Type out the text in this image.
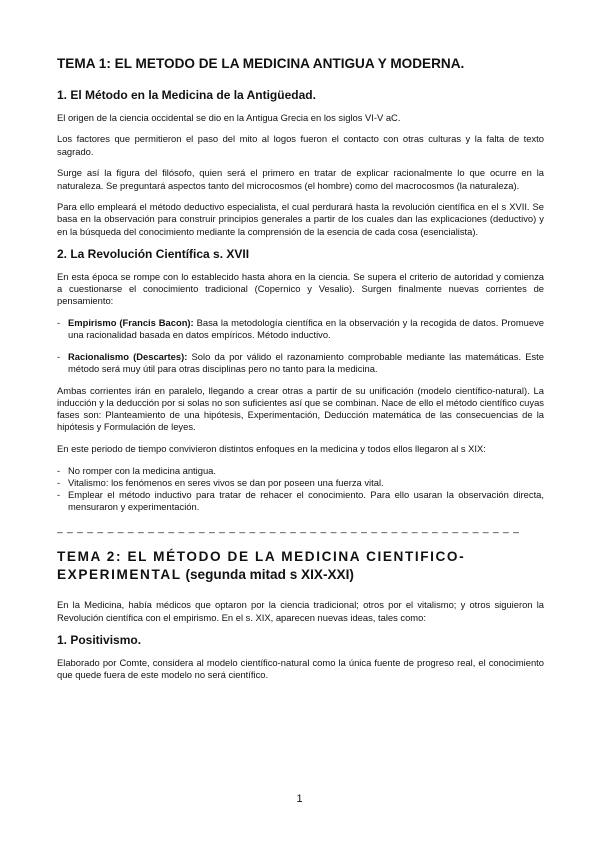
TEMA 1: EL METODO DE LA MEDICINA ANTIGUA Y MODERNA.
1. El Método en la Medicina de la Antigüedad.

El origen de la ciencia occidental se dio en la Antigua Grecia en los siglos VI-V aC.

Los factores que permitieron el paso del mito al logos fueron el contacto con otras culturas y la falta de texto sagrado.

Surge así la figura del filósofo, quien será el primero en tratar de explicar racionalmente lo que ocurre en la naturaleza. Se preguntará aspectos tanto del microcosmos (el hombre) como del macrocosmos (la naturaleza).

Para ello empleará el método deductivo especialista, el cual perdurará hasta la revolución científica en el s XVII. Se basa en la observación para construir principios generales a partir de los cuales dan las explicaciones (deductivo) y en la búsqueda del conocimiento mediante la comprensión de la esencia de cada cosa (esencialista).

2. La Revolución Científica s. XVII

En esta época se rompe con lo establecido hasta ahora en la ciencia. Se supera el criterio de autoridad y comienza a cuestionarse el conocimiento tradicional (Copernico y Vesalio). Surgen finalmente nuevas corrientes de pensamiento:

- Empirismo (Francis Bacon): Basa la metodología científica en la observación y la recogida de datos. Promueve una racionalidad basada en datos empíricos. Método inductivo.
- Racionalismo (Descartes): Solo da por válido el razonamiento comprobable mediante las matemáticas. Este método será muy útil para otras disciplinas pero no tanto para la medicina.

Ambas corrientes irán en paralelo, llegando a crear otras a partir de su unificación (modelo científico-natural). La inducción y la deducción por si solas no son suficientes así que se combinan. Nace de ello el método científico cuyas fases son: Planteamiento de una hipótesis, Experimentación, Deducción matemática de las consecuencias de la hipótesis y Formulación de leyes.

En este periodo de tiempo convivieron distintos enfoques en la medicina y todos ellos llegaron al s XIX:

- No romper con la medicina antigua.
- Vitalismo: los fenómenos en seres vivos se dan por poseen una fuerza vital.
- Emplear el método inductivo para tratar de rehacer el conocimiento. Para ello usaran la observación directa, mensuraron y experimentación.
_ _ _ _ _ _ _ _ _ _ _ _ _ _ _ _ _ _ _ _ _ _ _ _ _ _ _ _ _ _ _ _ _ _ _ _ _ _ _ _ _ _ _ _ _ _
TEMA 2: EL MÉTODO DE LA MEDICINA CIENTIFICO-EXPERIMENTAL (segunda mitad s XIX-XXI)

En la Medicina, había médicos que optaron por la ciencia tradicional; otros por el vitalismo; y otros siguieron la Revolución científica con el empirismo. En el s. XIX, aparecen nuevas ideas, tales como:

1. Positivismo.

Elaborado por Comte, considera al modelo científico-natural como la única fuente de progreso real, el conocimiento que quede fuera de este modelo no será científico.

1
